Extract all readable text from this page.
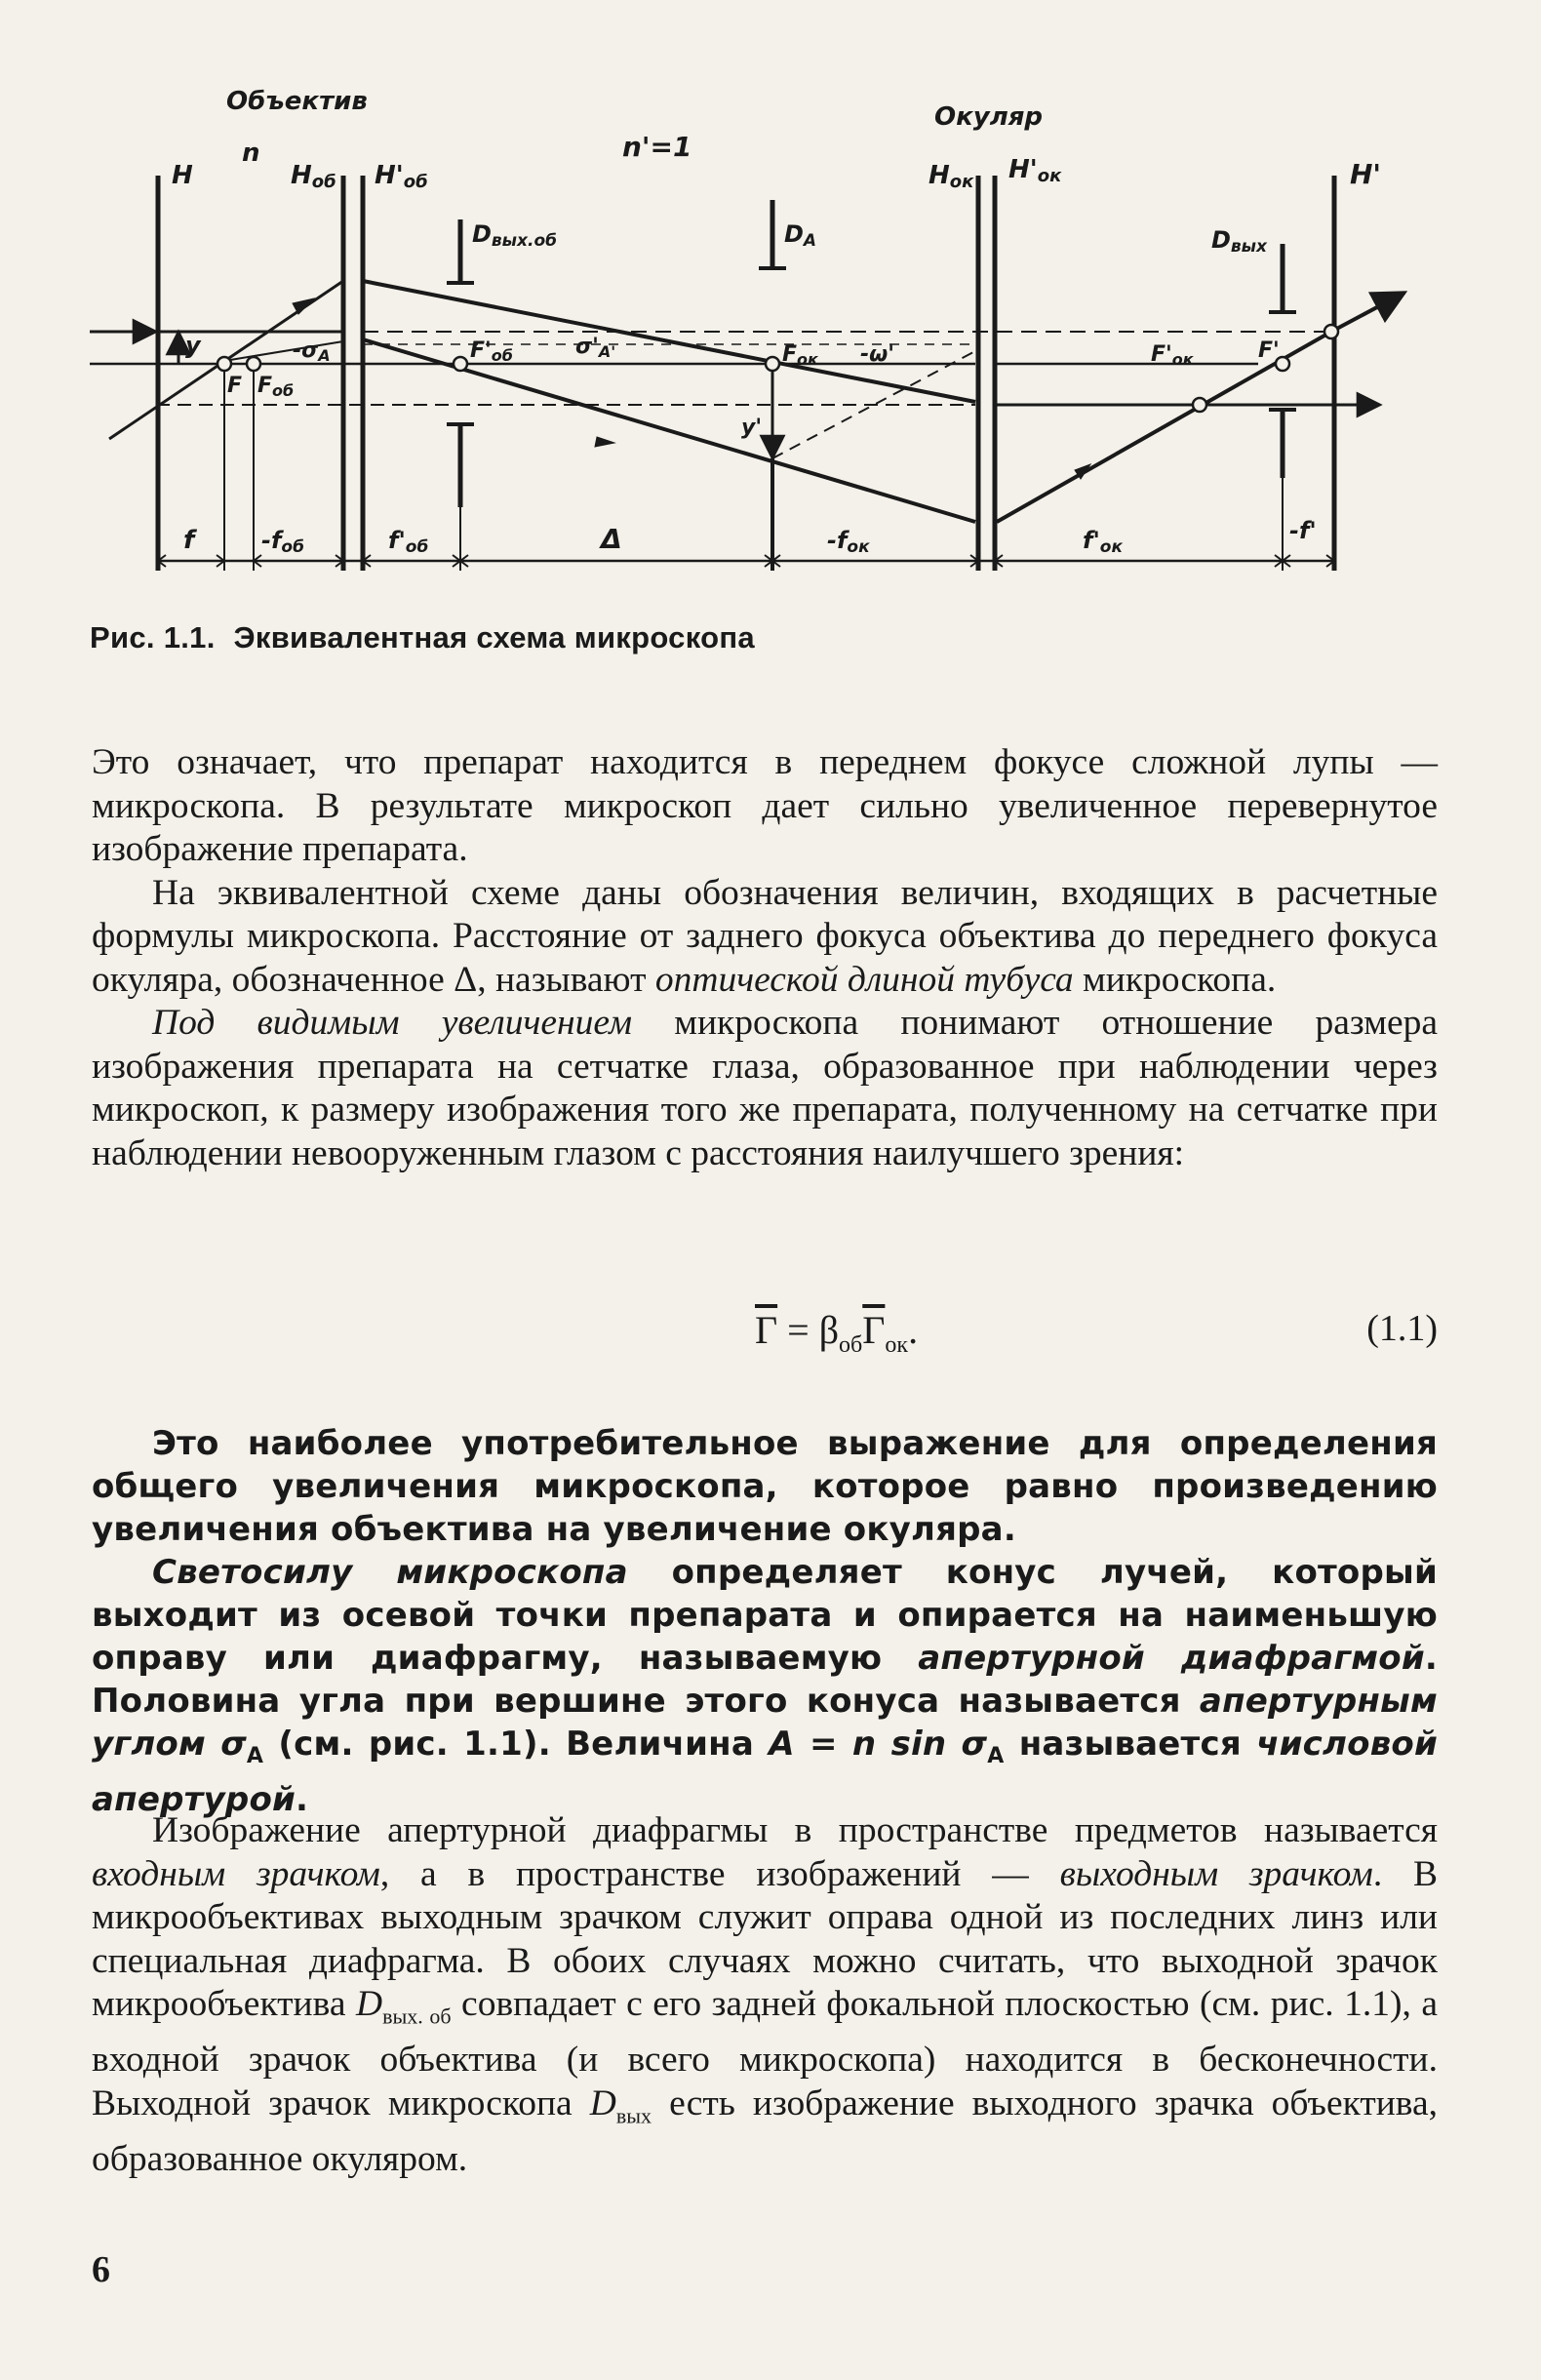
Объектив
Окуляр
n	n'=1
H	Hоб H'об	Hок H'ок	H'
Dвых.об	DA	Dвых
y	-σA
F Fоб
F'об	σ'A'	Fок -ω'	F'ок	F'
y'
f	-fоб	f'об	Δ	-fок	f'ок
-f'
Рис. 1.1. Эквивалентная схема микроскопа

Это означает, что препарат находится в переднем фокусе сложной лупы — микроскопа. В результате микроскоп дает сильно увеличенное перевернутое изображение препарата.

На эквивалентной схеме даны обозначения величин, входящих в расчетные формулы микроскопа. Расстояние от заднего фокуса объектива до переднего фокуса окуляра, обозначенное Δ, называют оптической длиной тубуса микроскопа.

Под видимым увеличением микроскопа понимают отношение размера изображения препарата на сетчатке глаза, образованное при наблюдении через микроскоп, к размеру изображения того же препарата, полученному на сетчатке при наблюдении невооруженным глазом с расстояния наилучшего зрения:

$Г = \beta_{об}Г_{ок}$.	(1.1)

Это наиболее употребительное выражение для определения общего увеличения микроскопа, которое равно произведению увеличения объектива на увеличение окуляра.

Светосилу микроскопа определяет конус лучей, который выходит из осевой точки препарата и опирается на наименьшую оправу или диафрагму, называемую апертурной диафрагмой. Половина угла при вершине этого конуса называется апертурным углом $\sigma_A$ (см. рис. 1.1). Величина A = n $\sin \sigma_A$ называется числовой апертурой.

Изображение апертурной диафрагмы в пространстве предметов называется входным зрачком, а в пространстве изображений — выходным зрачком. В микрообъективах выходным зрачком служит оправа одной из последних линз или специальная диафрагма. В обоих случаях можно считать, что выходной зрачок микрообъектива $D_{вых. об}$ совпадает с его задней фокальной плоскостью (см. рис. 1.1), а входной зрачок объектива (и всего микроскопа) находится в бесконечности. Выходной зрачок микроскопа $D_{вых}$ есть изображение выходного зрачка объектива, образованное окуляром.

6
